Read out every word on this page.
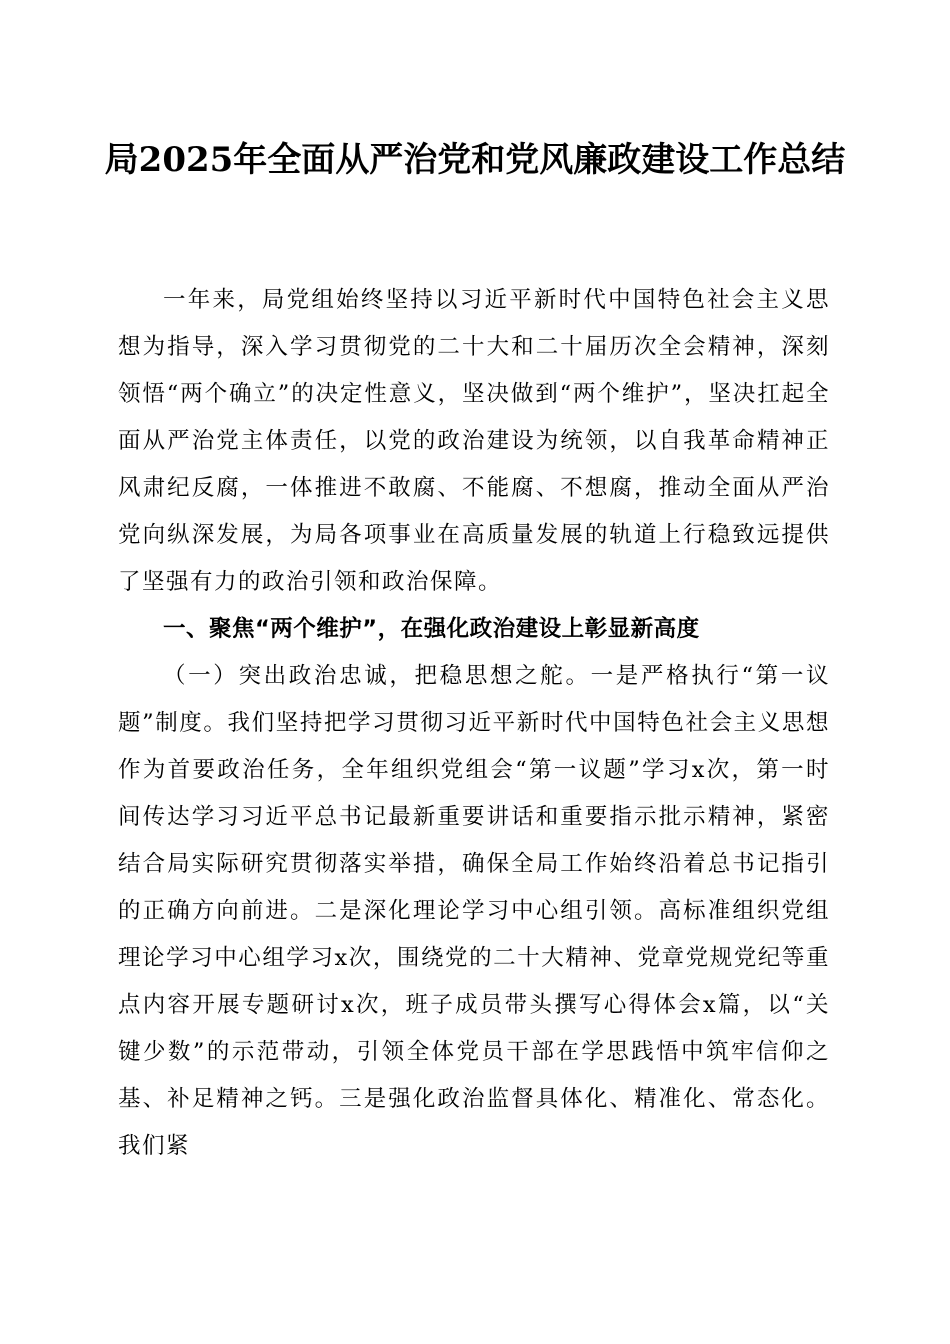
局2025年全面从严治党和党风廉政建设工作总结

一年来，局党组始终坚持以习近平新时代中国特色社会主义思想为指导，深入学习贯彻党的二十大和二十届历次全会精神，深刻领悟“两个确立”的决定性意义，坚决做到“两个维护”，坚决扛起全面从严治党主体责任，以党的政治建设为统领，以自我革命精神正风肃纪反腐，一体推进不敢腐、不能腐、不想腐，推动全面从严治党向纵深发展，为局各项事业在高质量发展的轨道上行稳致远提供了坚强有力的政治引领和政治保障。

一、聚焦“两个维护”，在强化政治建设上彰显新高度

（一）突出政治忠诚，把稳思想之舵。一是严格执行“第一议题”制度。我们坚持把学习贯彻习近平新时代中国特色社会主义思想作为首要政治任务，全年组织党组会“第一议题”学习x次，第一时间传达学习习近平总书记最新重要讲话和重要指示批示精神，紧密结合局实际研究贯彻落实举措，确保全局工作始终沿着总书记指引的正确方向前进。二是深化理论学习中心组引领。高标准组织党组理论学习中心组学习x次，围绕党的二十大精神、党章党规党纪等重点内容开展专题研讨x次，班子成员带头撰写心得体会x篇，以“关键少数”的示范带动，引领全体党员干部在学思践悟中筑牢信仰之基、补足精神之钙。三是强化政治监督具体化、精准化、常态化。我们紧
